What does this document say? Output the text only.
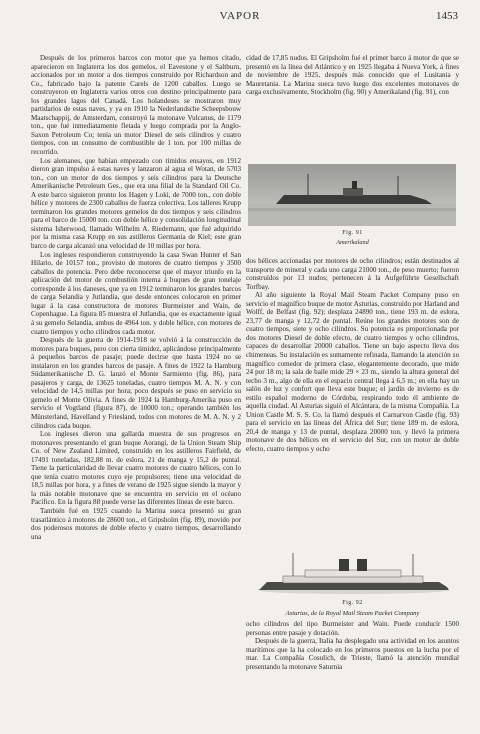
VAPOR	1453

Después de los primeros barcos con motor que ya hemos citado, aparecieron en Inglaterra los dos gemelos, el Eavestone y el Saltburn, accionados por un motor a dos tiempos construído por Richardson and Co., fabricado bajo la patente Carels de 1200 caballos. Luego se construyeron en Inglaterra varios otros con destino principalmente para los grandes lagos del Canadá. Los holandeses se mostraron muy partidarios de estas naves, y ya en 1910 la Nederlandsche Scheepsbouw Maatschappij, de Amsterdam, construyó la motonave Vulcanus, de 1179 ton., que fué inmediatamente fletada y luego comprada por la Anglo-Saxon Petroleum Co; tenía un motor Diesel de seis cilindros y cuatro tiempos, con un consumo de combustible de 1 ton. por 100 millas de recorrido.

Los alemanes, que habían empezado con tímidos ensayos, en 1912 dieron gran impulso á estas naves y lanzaron al agua el Wotan, de 5703 ton., con un motor de dos tiempos y seis cilindros para la Deutsche Amerikanische Petroleum Ges., que era una filial de la Standard Oil Co. A este barco siguieron pronto los Hagen y Loki, de 7000 ton., con doble hélice y motores de 2300 caballos de fuerza colectiva. Los talleres Krupp terminaron los grandes motores gemelos de dos tiempos y seis cilindros para el barco de 15000 ton. con doble hélice y consolidación longitudinal sistema Isherwood, llamado Wilhelm A. Riedemann, que fué adquirido por la misma casa Krupp en sus astilleros Germania de Kiel; este gran barco de carga alcanzó una velocidad de 10 millas por hora.

Los ingleses respondieron construyendo la casa Swan Hunter el San Hilario, de 10157 ton., provisto de motores de cuatro tiempos y 3500 caballos de potencia. Pero debe reconocerse que el mayor triunfo en la aplicación del motor de combustión interna á buques de gran tonelaje corresponde á los daneses, que ya en 1912 terminaron los grandes barcos de carga Selandia y Jutlandia, que desde entonces colocaron en primer lugar á la casa constructora de motores Burmeister and Wain, de Copenhague. La figura 85 muestra el Jutlandia, que es exactamente igual á su gemelo Selandia, ambos de 4964 ton. y doble hélice, con motores de cuatro tiempos y ocho cilindros cada motor.

Después de la guerra de 1914-1918 se volvió á la construcción de motores para buques, pero con cierta timidez, aplicándose principalmente á pequeños barcos de pasaje; puede decirse que hasta 1924 no se instalaron en los grandes barcos de pasaje. A fines de 1922 la Hamburg Südamerikanische D. G. lanzó el Monte Sarmiento (fig. 86), para pasajeros y carga, de 13625 toneladas, cuatro tiempos M. A. N. y con velocidad de 14,5 millas por hora; poco después se puso en servicio su gemelo el Monte Olivia. A fines de 1924 la Hamburg-Amerika puso en servicio el Vogtland (figura 87), de 10000 ton.; operando también los Münsterland, Havelland y Friesland, todos con motores de M. A. N. y 2 cilindros cada buque.

Los ingleses dieron una gallarda muestra de sus progresos en motonaves presentando el gran buque Aorangi, de la Union Steam Ship Co. of New Zealand Limited, construído en los astilleros Fairfield, de 17491 toneladas, 182,88 m. de eslora, 21 de manga y 15,2 de puntal. Tiene la particularidad de llevar cuatro motores de cuatro hélices, con lo que tenía cuatro motores cuyo eje propulsores; tiene una velocidad de 18,5 millas por hora, y a fines de verano de 1925 sigue siendo la mayor y la más notable motonave que se encuentra en servicio en el océano Pacífico. En la figura 88 puede verse las diferentes líneas de este barco.

También fué en 1925 cuando la Marina sueca presentó su gran trasatlántico á motores de 28600 ton., el Gripsholm (fig. 89), movido por dos poderosos motores de doble efecto y cuatro tiempos, desarrollando una

cidad de 17,85 nudos. El Gripsholm fué el primer barco á motor de que se presentó en la línea del Atlántico y en 1925 llegaba á Nueva York, á fines de noviembre de 1925, después más conocido que el Lusitania y Mauretania. La Marina sueca tuvo luego dos excelentes motonaves de carga exclusivamente, Stockholm (fig. 90) y Amerikaland (fig. 91), con

Fig. 91
Amerikaland

dos hélices accionadas por motores de ocho cilindros; están destinados al transporte de mineral y cada uno carga 21000 ton., de peso muerto; fueron construídos por 13 nudos; pertenecen á la Aufgeführte Gesellschaft Torfbay.

Al año siguiente la Royal Mail Steam Packet Company puso en servicio el magnífico buque de motor Asturias, construído por Harland and Wolff, de Belfast (fig. 92); desplaza 24890 ton., tiene 193 m. de eslora, 23,77 de manga y 12,72 de puntal. Reúne los grandes motores son de cuatro tiempos, siete y ocho cilindros. Su potencia es proporcionada por dos motores Diesel de doble efecto, de cuatro tiempos y ocho cilindros, capaces de desarrollar 20000 caballos. Tiene un bajo aspecto lleva dos chimeneas. Su instalación es sumamente refinada, llamando la atención su magnífico comedor de primera clase, elegantemente decorado, que mide 24 por 18 m; la sala de baile mide 29 × 23 m., siendo la altura general del techo 3 m., algo de ella en el espacio central llega á 6,5 m.; en ella hay un salón de luz y confort que lleva este buque; el jardín de invierno es de estilo español moderno de Córdoba, respirando todo él ambiente de aquella ciudad. Al Asturias siguió el Alcántara, de la misma Compañía. La Union Castle M. S. S. Co. la llamó después el Carnarvon Castle (fig. 93) para el servicio en las líneas del África del Sur; tiene 189 m. de eslora, 20,4 de manga y 13 de puntal, desplaza 20000 ton. y llevó la primera motonave de dos hélices en el servicio del Sur, con un motor de doble efecto, cuatro tiempos y ocho

Fig. 92
Asturias, de la Royal Mail Steam Packet Company

ocho cilindros del tipo Burmeister and Wain. Puede conducir 1500 personas entre pasaje y dotación.

Después de la guerra, Italia ha desplegado una actividad en los asuntos marítimos que la ha colocado en los primeros puestos en la lucha por el mar. La Compañía Cosulich, de Trieste, llamó la atención mundial presentando la motonave Saturnia
